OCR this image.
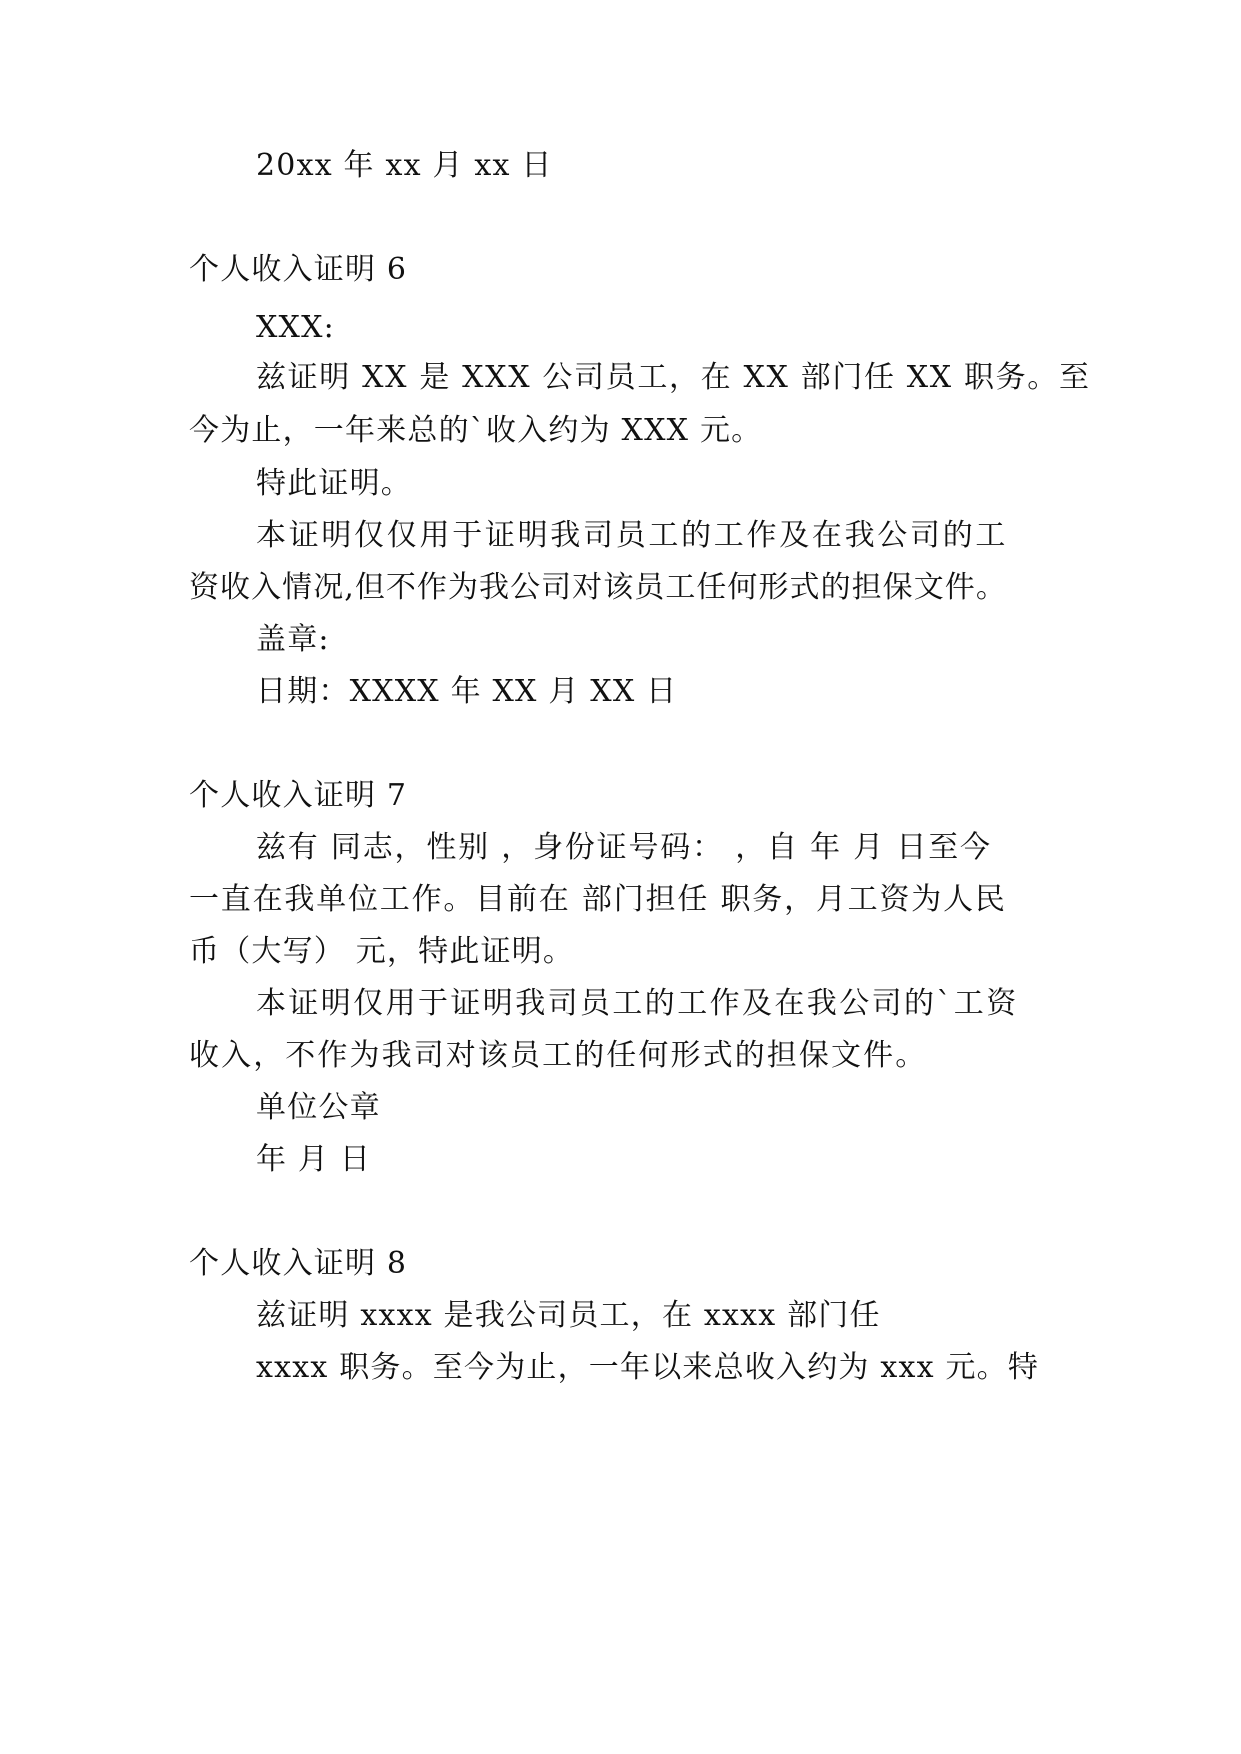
20xx 年 xx 月 xx 日
个人收入证明 6
XXX:
兹证明 XX 是 XXX 公司员工，在 XX 部门任 XX 职务。至
今为止，一年来总的`收入约为 XXX 元。
特此证明。
本证明仅仅用于证明我司员工的工作及在我公司的工
资收入情况,但不作为我公司对该员工任何形式的担保文件。
盖章:
日期：XXXX 年 XX 月 XX 日
个人收入证明 7
兹有 同志，性别 ，身份证号码： ，自 年 月 日至今
一直在我单位工作。目前在 部门担任 职务，月工资为人民
币（大写） 元，特此证明。
本证明仅用于证明我司员工的工作及在我公司的`工资
收入，不作为我司对该员工的任何形式的担保文件。
单位公章
年 月 日
个人收入证明 8
兹证明 xxxx 是我公司员工，在 xxxx 部门任
xxxx 职务。至今为止，一年以来总收入约为 xxx 元。特
